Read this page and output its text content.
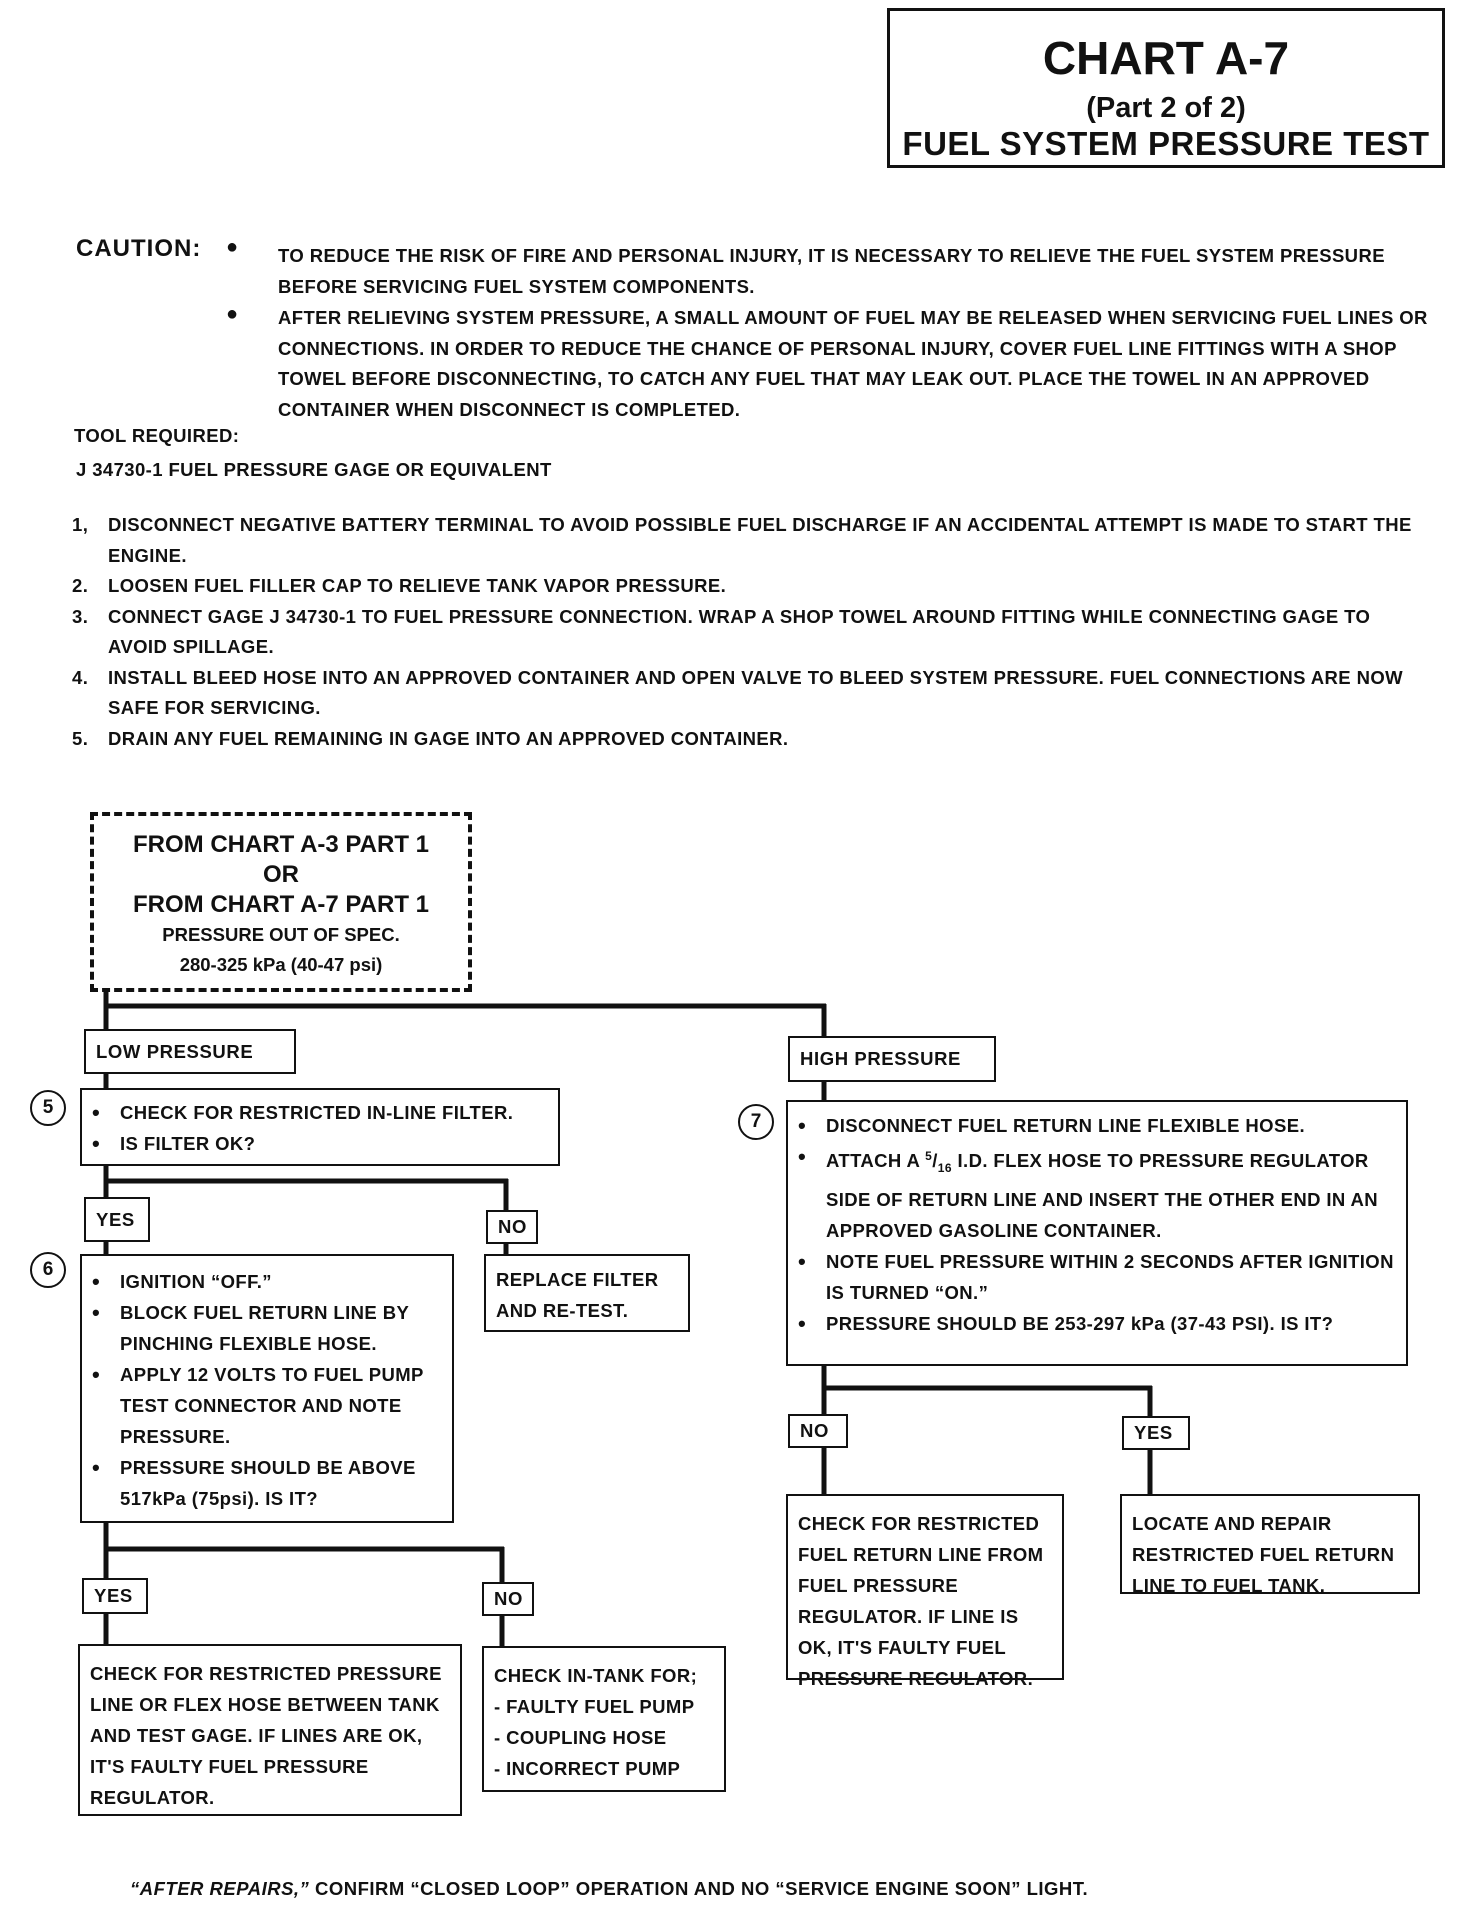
CHART A-7
(Part 2 of 2)
FUEL SYSTEM PRESSURE TEST
CAUTION: ● TO REDUCE THE RISK OF FIRE AND PERSONAL INJURY, IT IS NECESSARY TO RELIEVE THE FUEL SYSTEM PRESSURE BEFORE SERVICING FUEL SYSTEM COMPONENTS.
● AFTER RELIEVING SYSTEM PRESSURE, A SMALL AMOUNT OF FUEL MAY BE RELEASED WHEN SERVICING FUEL LINES OR CONNECTIONS. IN ORDER TO REDUCE THE CHANCE OF PERSONAL INJURY, COVER FUEL LINE FITTINGS WITH A SHOP TOWEL BEFORE DISCONNECTING, TO CATCH ANY FUEL THAT MAY LEAK OUT. PLACE THE TOWEL IN AN APPROVED CONTAINER WHEN DISCONNECT IS COMPLETED.
TOOL REQUIRED:
J 34730-1 FUEL PRESSURE GAGE OR EQUIVALENT
1, DISCONNECT NEGATIVE BATTERY TERMINAL TO AVOID POSSIBLE FUEL DISCHARGE IF AN ACCIDENTAL ATTEMPT IS MADE TO START THE ENGINE.
2. LOOSEN FUEL FILLER CAP TO RELIEVE TANK VAPOR PRESSURE.
3. CONNECT GAGE J 34730-1 TO FUEL PRESSURE CONNECTION. WRAP A SHOP TOWEL AROUND FITTING WHILE CONNECTING GAGE TO AVOID SPILLAGE.
4. INSTALL BLEED HOSE INTO AN APPROVED CONTAINER AND OPEN VALVE TO BLEED SYSTEM PRESSURE. FUEL CONNECTIONS ARE NOW SAFE FOR SERVICING.
5. DRAIN ANY FUEL REMAINING IN GAGE INTO AN APPROVED CONTAINER.
FROM CHART A-3 PART 1
OR
FROM CHART A-7 PART 1
PRESSURE OUT OF SPEC.
280-325 kPa (40-47 psi)
LOW PRESSURE
5	• CHECK FOR RESTRICTED IN-LINE FILTER.
• IS FILTER OK?
YES	NO
REPLACE FILTER AND RE-TEST.
6
• IGNITION “OFF.”
• BLOCK FUEL RETURN LINE BY PINCHING FLEXIBLE HOSE.
• APPLY 12 VOLTS TO FUEL PUMP TEST CONNECTOR AND NOTE PRESSURE.
• PRESSURE SHOULD BE ABOVE 517kPa (75psi). IS IT?
YES	NO
CHECK FOR RESTRICTED PRESSURE LINE OR FLEX HOSE BETWEEN TANK AND TEST GAGE. IF LINES ARE OK, IT'S FAULTY FUEL PRESSURE REGULATOR.
CHECK IN-TANK FOR;
- FAULTY FUEL PUMP
- COUPLING HOSE
- INCORRECT PUMP
HIGH PRESSURE
7	• DISCONNECT FUEL RETURN LINE FLEXIBLE HOSE.
• ATTACH A $^5/_{16}$ I.D. FLEX HOSE TO PRESSURE REGULATOR SIDE OF RETURN LINE AND INSERT THE OTHER END IN AN APPROVED GASOLINE CONTAINER.
• NOTE FUEL PRESSURE WITHIN 2 SECONDS AFTER IGNITION IS TURNED “ON.”
• PRESSURE SHOULD BE 253-297 kPa (37-43 PSI). IS IT?
NO	YES
CHECK FOR RESTRICTED FUEL RETURN LINE FROM FUEL PRESSURE REGULATOR. IF LINE IS OK, IT'S FAULTY FUEL PRESSURE REGULATOR.
LOCATE AND REPAIR RESTRICTED FUEL RETURN LINE TO FUEL TANK.
“AFTER REPAIRS,” CONFIRM “CLOSED LOOP” OPERATION AND NO “SERVICE ENGINE SOON” LIGHT.
